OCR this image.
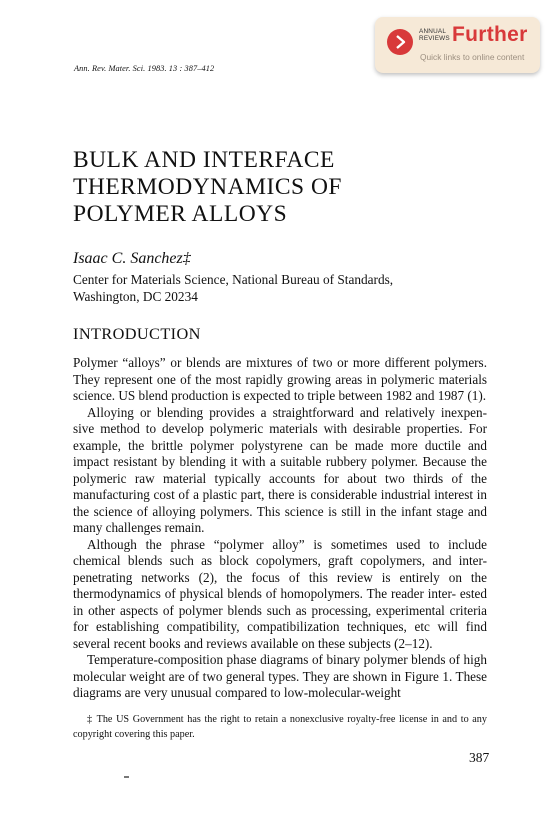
Ann. Rev. Mater. Sci. 1983. 13 : 387–412
ANNUAL
REVIEWS Further
Quick links to online content
BULK AND INTERFACE
THERMODYNAMICS OF
POLYMER ALLOYS
Isaac C. Sanchez‡
Center for Materials Science, National Bureau of Standards,
Washington, DC 20234
INTRODUCTION

Polymer “alloys” or blends are mixtures of two or more different polymers. They represent one of the most rapidly growing areas in polymeric materials science. US blend production is expected to triple between 1982 and 1987 (1).

Alloying or blending provides a straightforward and relatively inexpen- sive method to develop polymeric materials with desirable properties. For example, the brittle polymer polystyrene can be made more ductile and impact resistant by blending it with a suitable rubbery polymer. Because the polymeric raw material typically accounts for about two thirds of the manufacturing cost of a plastic part, there is considerable industrial interest in the science of alloying polymers. This science is still in the infant stage and many challenges remain.

Although the phrase “polymer alloy” is sometimes used to include chemical blends such as block copolymers, graft copolymers, and inter- penetrating networks (2), the focus of this review is entirely on the thermodynamics of physical blends of homopolymers. The reader inter- ested in other aspects of polymer blends such as processing, experimental criteria for establishing compatibility, compatibilization techniques, etc will find several recent books and reviews available on these subjects (2–12).

Temperature-composition phase diagrams of binary polymer blends of high molecular weight are of two general types. They are shown in Figure 1. These diagrams are very unusual compared to low-molecular-weight

‡ The US Government has the right to retain a nonexclusive royalty-free license in and to any copyright covering this paper.
387
